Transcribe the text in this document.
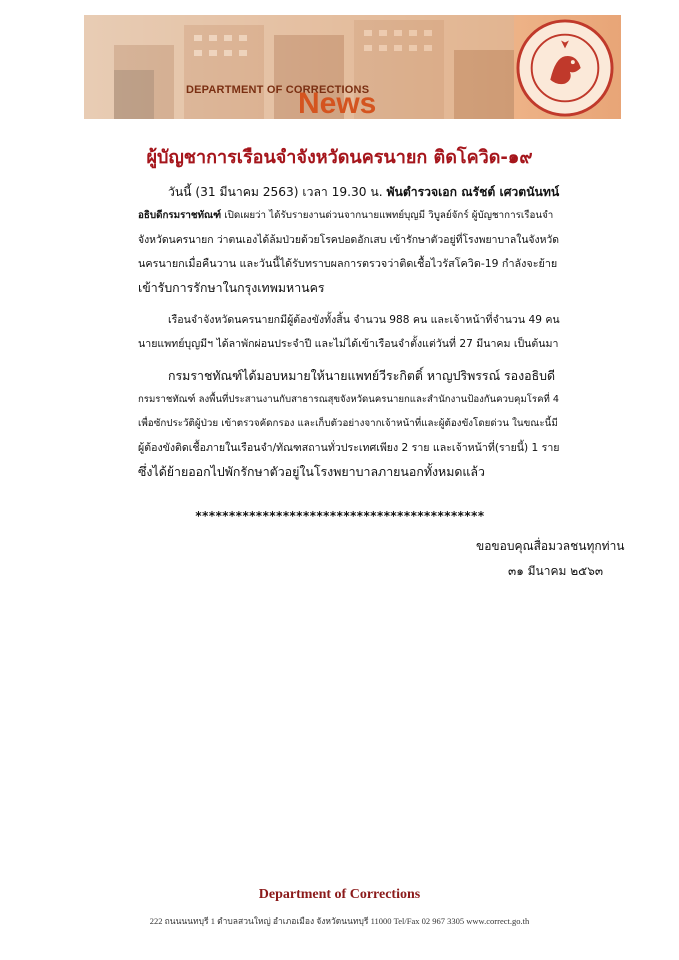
DEPARTMENT OF CORRECTIONS
News
ผู้บัญชาการเรือนจำจังหวัดนครนายก ติดโควิด-๑๙

วันนี้ (31 มีนาคม 2563) เวลา 19.30 น. พันตำรวจเอก ณรัชต์ เศวตนันทน์
อธิบดีกรมราชทัณฑ์ เปิดเผยว่า ได้รับรายงานด่วนจากนายแพทย์บุญมี วิบูลย์จักร์ ผู้บัญชาการเรือนจำ
จังหวัดนครนายก ว่าตนเองได้ล้มป่วยด้วยโรคปอดอักเสบ เข้ารักษาตัวอยู่ที่โรงพยาบาลในจังหวัด
นครนายกเมื่อคืนวาน และวันนี้ได้รับทราบผลการตรวจว่าติดเชื้อไวรัสโควิด-19 กำลังจะย้าย
เข้ารับการรักษาในกรุงเทพมหานคร

เรือนจำจังหวัดนครนายกมีผู้ต้องขังทั้งสิ้น จำนวน 988 คน และเจ้าหน้าที่จำนวน 49 คน
นายแพทย์บุญมีฯ ได้ลาพักผ่อนประจำปี และไม่ได้เข้าเรือนจำตั้งแต่วันที่ 27 มีนาคม เป็นต้นมา

กรมราชทัณฑ์ได้มอบหมายให้นายแพทย์วีระกิตติ์ หาญปริพรรณ์ รองอธิบดี
กรมราชทัณฑ์ ลงพื้นที่ประสานงานกับสาธารณสุขจังหวัดนครนายกและสำนักงานป้องกันควบคุมโรคที่ 4
เพื่อซักประวัติผู้ป่วย เข้าตรวจคัดกรอง และเก็บตัวอย่างจากเจ้าหน้าที่และผู้ต้องขังโดยด่วน ในขณะนี้มี
ผู้ต้องขังติดเชื้อภายในเรือนจำ/ทัณฑสถานทั่วประเทศเพียง 2 ราย และเจ้าหน้าที่(รายนี้) 1 ราย
ซึ่งได้ย้ายออกไปพักรักษาตัวอยู่ในโรงพยาบาลภายนอกทั้งหมดแล้ว

*******************************************
ขอขอบคุณสื่อมวลชนทุกท่าน
๓๑ มีนาคม ๒๕๖๓
Department of Corrections
222 ถนนนนทบุรี 1 ตำบลสวนใหญ่ อำเภอเมือง จังหวัดนนทบุรี 11000 Tel/Fax 02 967 3305 www.correct.go.th
